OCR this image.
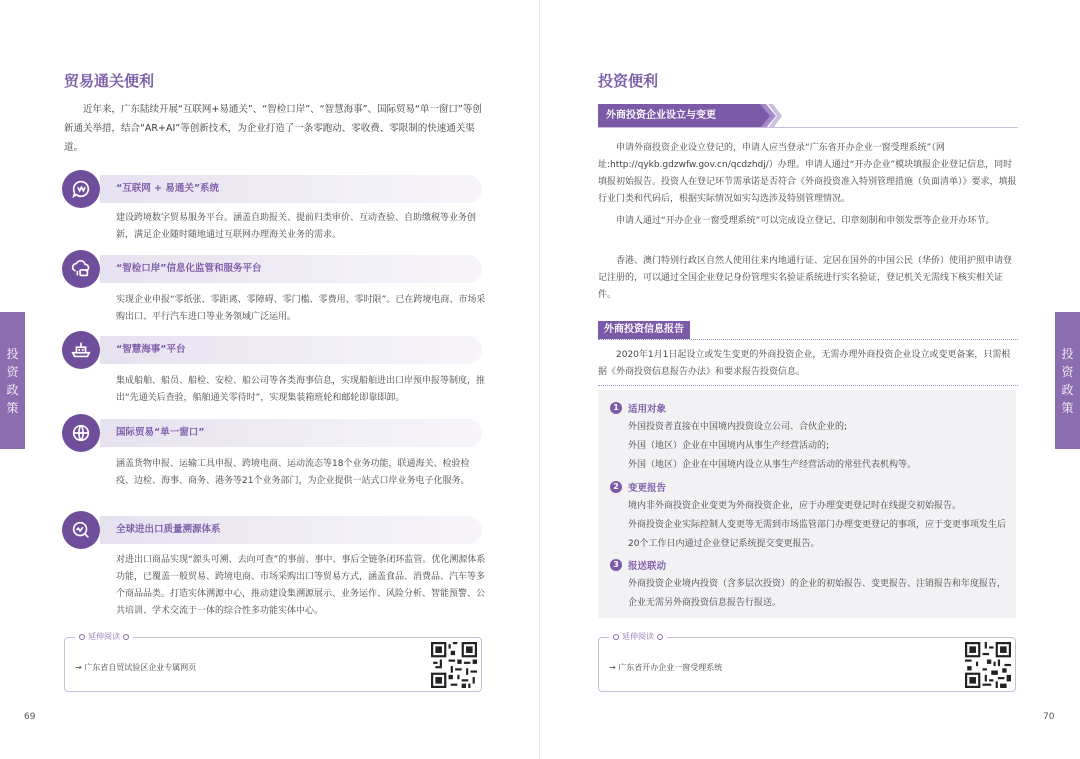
贸易通关便利
近年来，广东陆续开展“互联网+易通关”、“智检口岸”、“智慧海事”、国际贸易“单一窗口”等创新通关举措，结合“AR+AI”等创新技术，为企业打造了一条零跑动、零收费、零限制的快速通关渠道。
“互联网 + 易通关”系统
建设跨境数字贸易服务平台。涵盖自助报关、提前归类审价、互动查验、自助缴税等业务创新，满足企业随时随地通过互联网办理海关业务的需求。
“智检口岸”信息化监管和服务平台
实现企业申报“零纸张、零距离、零障碍、零门槛、零费用、零时限”。已在跨境电商、市场采购出口、平行汽车进口等业务领域广泛运用。
“智慧海事”平台
集成船舶、船员、船检、安检、船公司等各类海事信息，实现船舶进出口岸预申报等制度，推出“先通关后查验，船舶通关零待时”，实现集装箱班轮和邮轮即靠即卸。
国际贸易“单一窗口”
涵盖货物申报、运输工具申报、跨境电商、运动流态等18个业务功能，联通海关、检验检疫、边检、海事、商务、港务等21个业务部门，为企业提供一站式口岸业务电子化服务。
全球进出口质量溯源体系
对进出口商品实现“源头可溯、去向可查”的事前、事中、事后全链条闭环监管。优化溯源体系功能，已覆盖一般贸易、跨境电商、市场采购出口等贸易方式，涵盖食品、消费品、汽车等多个商品品类。打造实体溯源中心，推动建设集溯源展示、业务运作、风险分析、智能预警、公共培训、学术交流于一体的综合性多功能实体中心。
延伸阅读
→ 广东省自贸试验区企业专属网页
69
投
资
政
策
投资便利
外商投资企业设立与变更
申请外商投资企业设立登记的，申请人应当登录“广东省开办企业一窗受理系统”（网址:http://qykb.gdzwfw.gov.cn/qcdzhdj/）办理。申请人通过“开办企业”模块填报企业登记信息，同时填报初始报告。投资人在登记环节需承诺是否符合《外商投资准入特别管理措施（负面清单）》要求，填报行业门类和代码后，根据实际情况如实勾选涉及特别管理情况。
申请人通过“开办企业一窗受理系统”可以完成设立登记、印章刻制和申领发票等企业开办环节。
香港、澳门特别行政区自然人使用往来内地通行证、定居在国外的中国公民（华侨）使用护照申请登记注册的，可以通过全国企业登记身份管理实名验证系统进行实名验证，登记机关无需线下核实相关证件。
外商投资信息报告
2020年1月1日起设立或发生变更的外商投资企业，无需办理外商投资企业设立或变更备案，只需根据《外商投资信息报告办法》和要求报告投资信息。
1 适用对象
外国投资者直接在中国境内投资设立公司、合伙企业的;
外国（地区）企业在中国境内从事生产经营活动的;
外国（地区）企业在中国境内设立从事生产经营活动的常驻代表机构等。
2 变更报告
境内非外商投资企业变更为外商投资企业，应于办理变更登记时在线提交初始报告。
外商投资企业实际控制人变更等无需到市场监管部门办理变更登记的事项，应于变更事项发生后20个工作日内通过企业登记系统提交变更报告。
3 报送联动
外商投资企业境内投资（含多层次投资）的企业的初始报告、变更报告、注销报告和年度报告，企业无需另外商投资信息报告行报送。
延伸阅读
→ 广东省开办企业一窗受理系统
70
投
资
政
策
